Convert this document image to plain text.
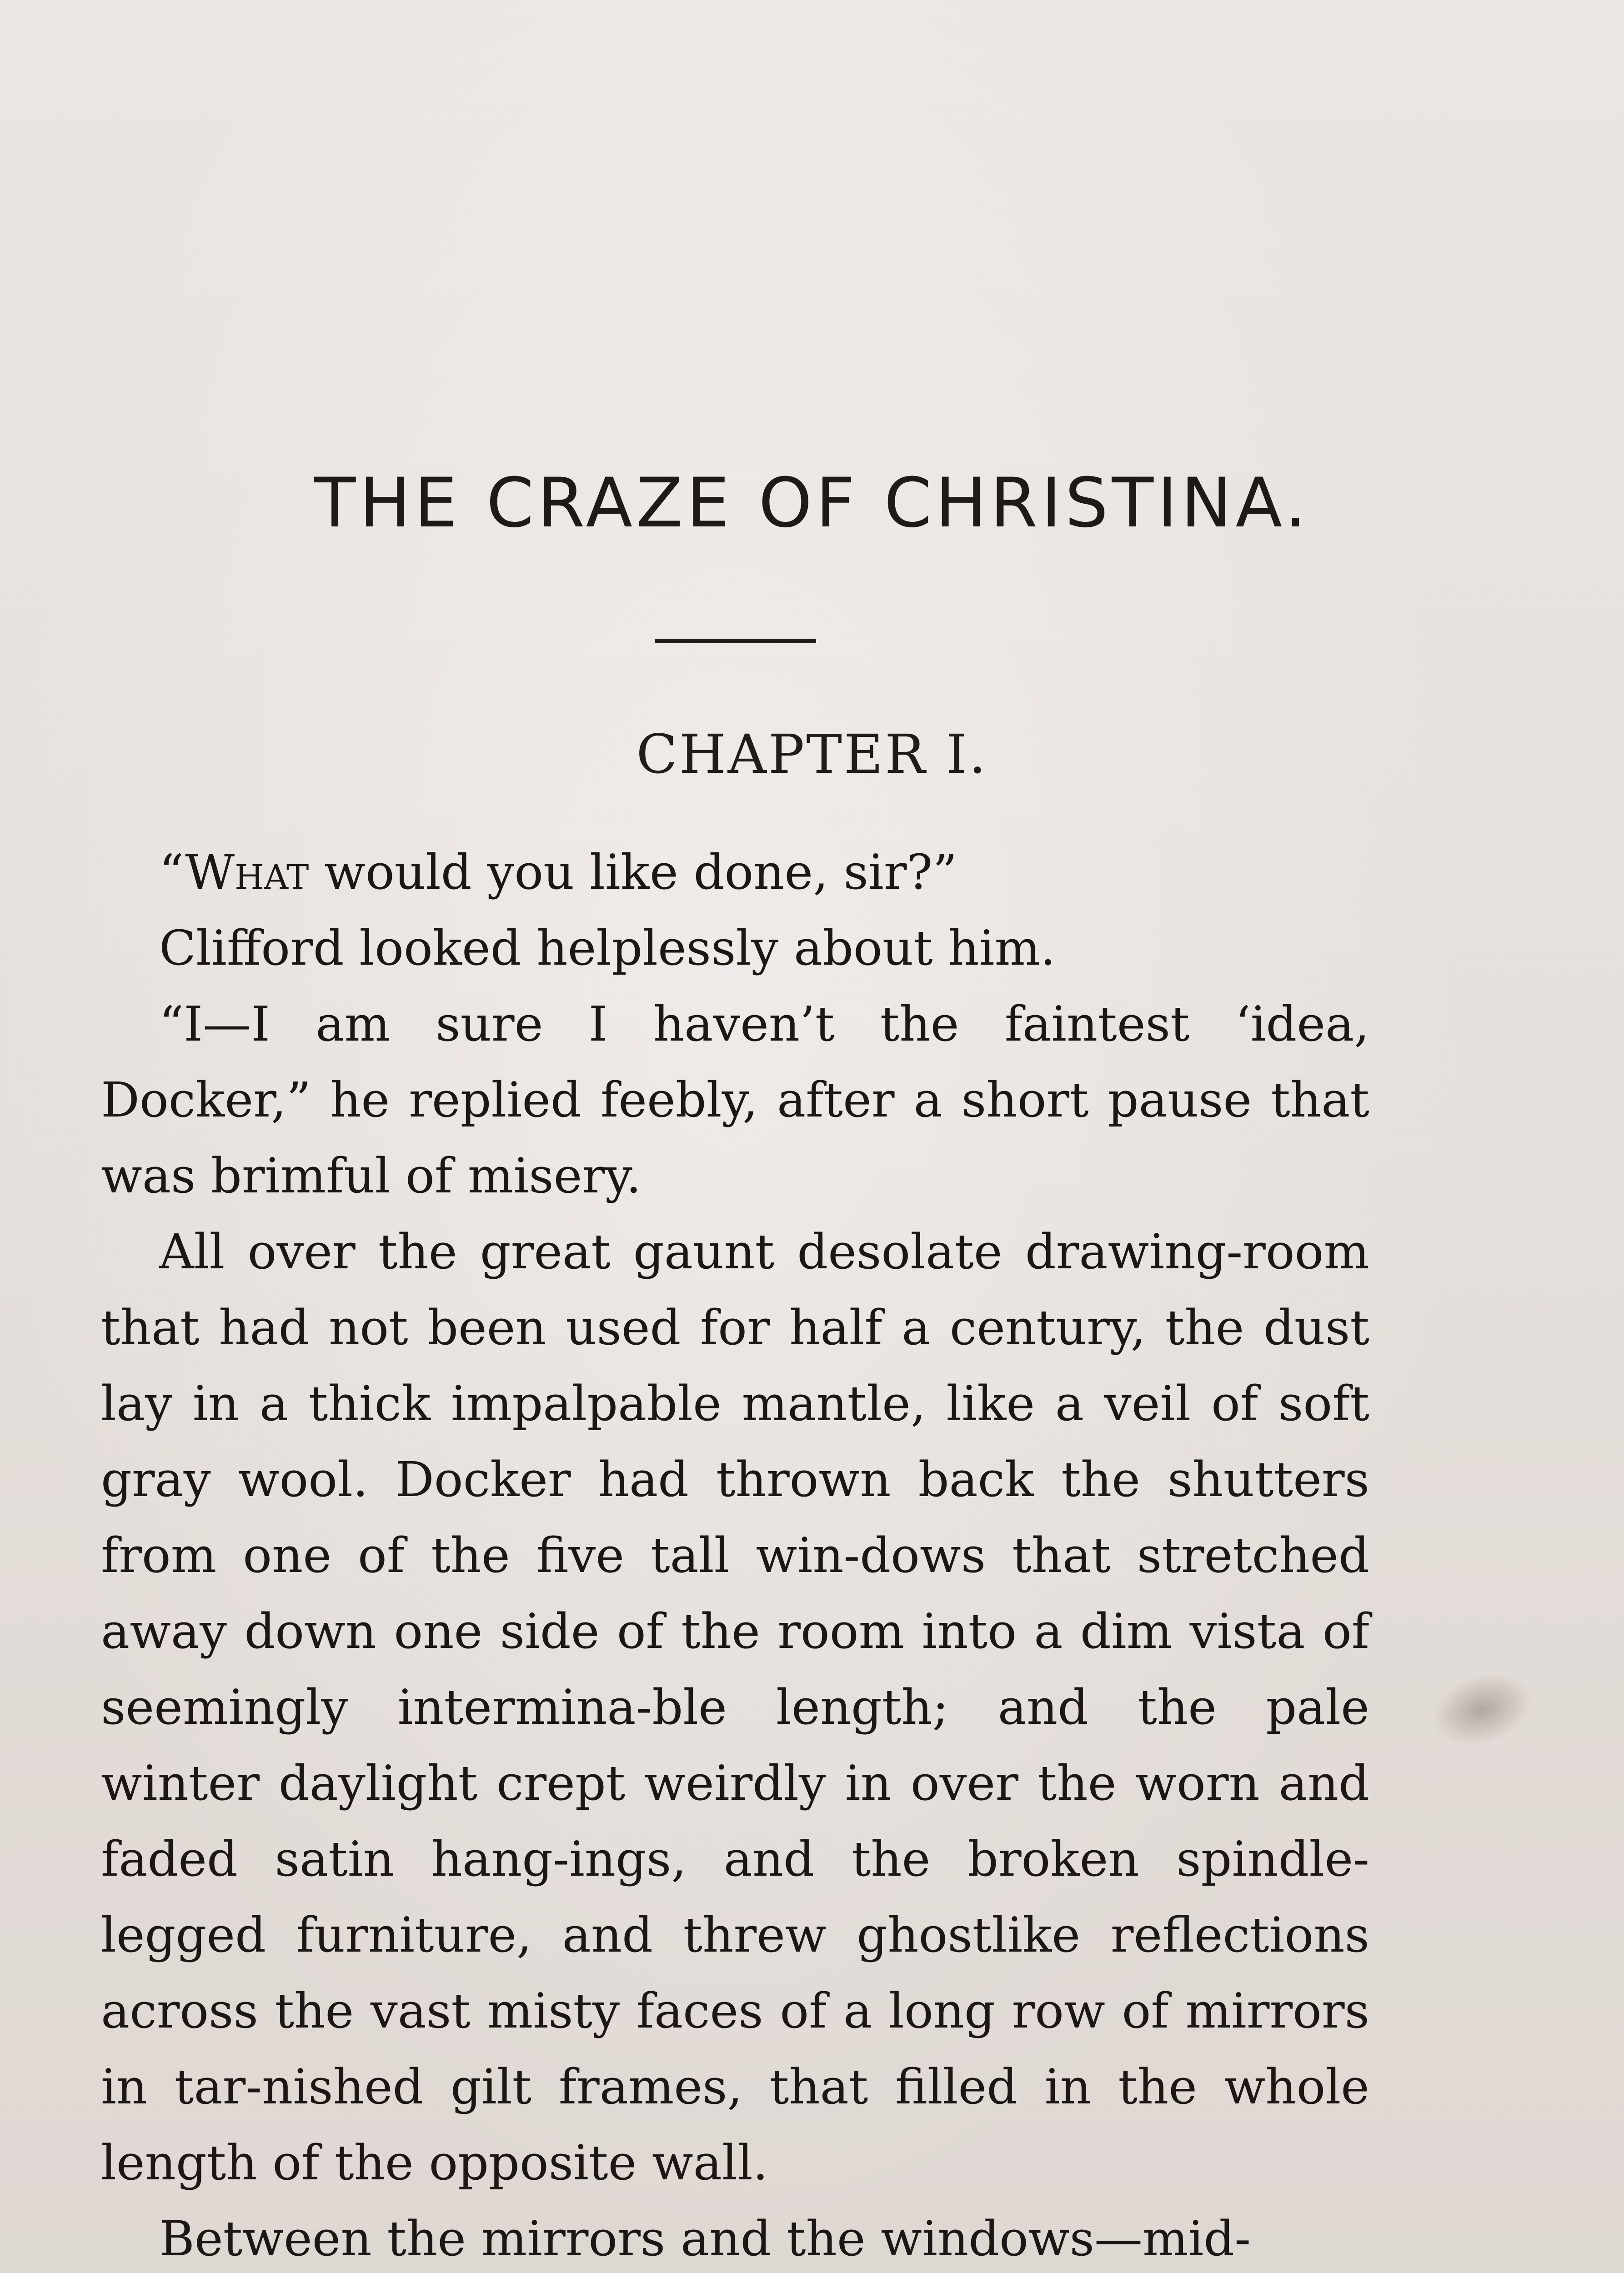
THE CRAZE OF CHRISTINA.
CHAPTER I.

“What would you like done, sir?”

Clifford looked helplessly about him.

“I—I am sure I haven’t the faintest ‘idea, Docker,” he replied feebly, after a short pause that was brimful of misery.

All over the great gaunt desolate drawing-room that had not been used for half a century, the dust lay in a thick impalpable mantle, like a veil of soft gray wool. Docker had thrown back the shutters from one of the five tall win-dows that stretched away down one side of the room into a dim vista of seemingly intermina-ble length; and the pale winter daylight crept weirdly in over the worn and faded satin hang-ings, and the broken spindle-legged furniture, and threw ghostlike reflections across the vast misty faces of a long row of mirrors in tar-nished gilt frames, that filled in the whole length of the opposite wall.

Between the mirrors and the windows—mid-
